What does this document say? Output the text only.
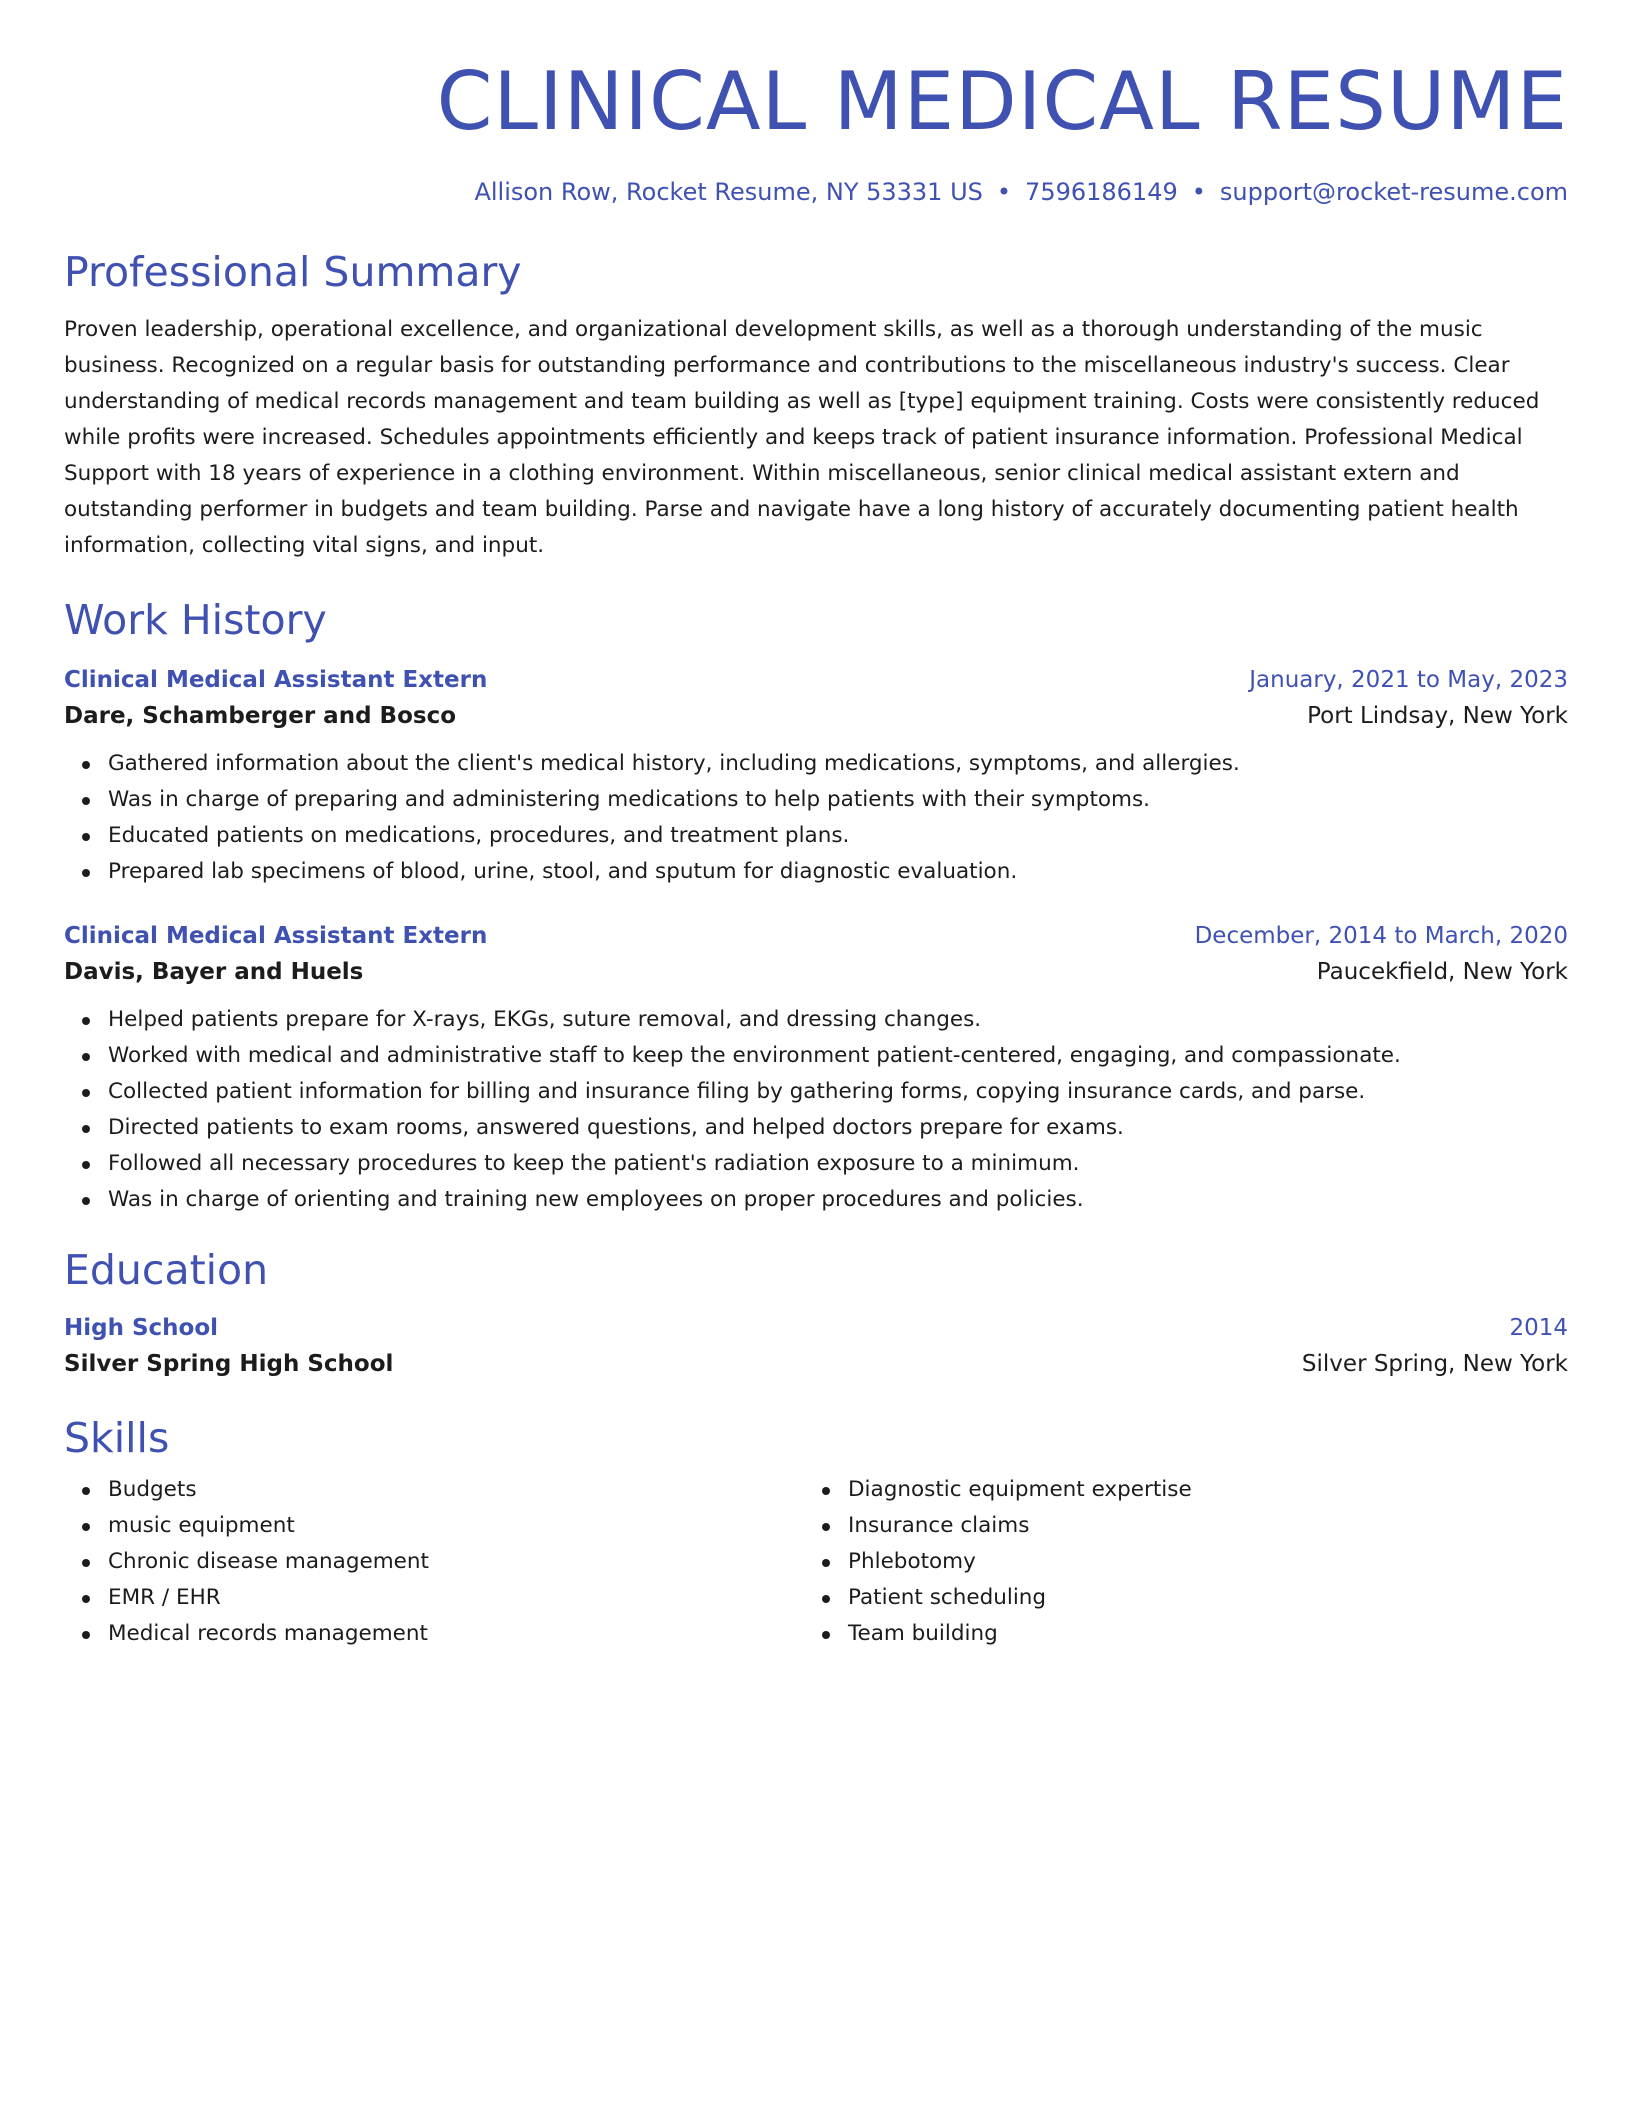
CLINICAL MEDICAL RESUME
Allison Row, Rocket Resume, NY 53331 US • 7596186149 • support@rocket-resume.com
Professional Summary
Proven leadership, operational excellence, and organizational development skills, as well as a thorough understanding of the music business. Recognized on a regular basis for outstanding performance and contributions to the miscellaneous industry's success. Clear understanding of medical records management and team building as well as [type] equipment training. Costs were consistently reduced while profits were increased. Schedules appointments efficiently and keeps track of patient insurance information. Professional Medical Support with 18 years of experience in a clothing environment. Within miscellaneous, senior clinical medical assistant extern and outstanding performer in budgets and team building. Parse and navigate have a long history of accurately documenting patient health information, collecting vital signs, and input.
Work History
Clinical Medical Assistant Extern	January, 2021 to May, 2023
Dare, Schamberger and Bosco	Port Lindsay, New York
Gathered information about the client's medical history, including medications, symptoms, and allergies.
Was in charge of preparing and administering medications to help patients with their symptoms.
Educated patients on medications, procedures, and treatment plans.
Prepared lab specimens of blood, urine, stool, and sputum for diagnostic evaluation.
Clinical Medical Assistant Extern	December, 2014 to March, 2020
Davis, Bayer and Huels	Paucekfield, New York
Helped patients prepare for X-rays, EKGs, suture removal, and dressing changes.
Worked with medical and administrative staff to keep the environment patient-centered, engaging, and compassionate.
Collected patient information for billing and insurance filing by gathering forms, copying insurance cards, and parse.
Directed patients to exam rooms, answered questions, and helped doctors prepare for exams.
Followed all necessary procedures to keep the patient's radiation exposure to a minimum.
Was in charge of orienting and training new employees on proper procedures and policies.
Education
High School	2014
Silver Spring High School	Silver Spring, New York
Skills
Budgets
music equipment
Chronic disease management
EMR / EHR
Medical records management
Diagnostic equipment expertise
Insurance claims
Phlebotomy
Patient scheduling
Team building
